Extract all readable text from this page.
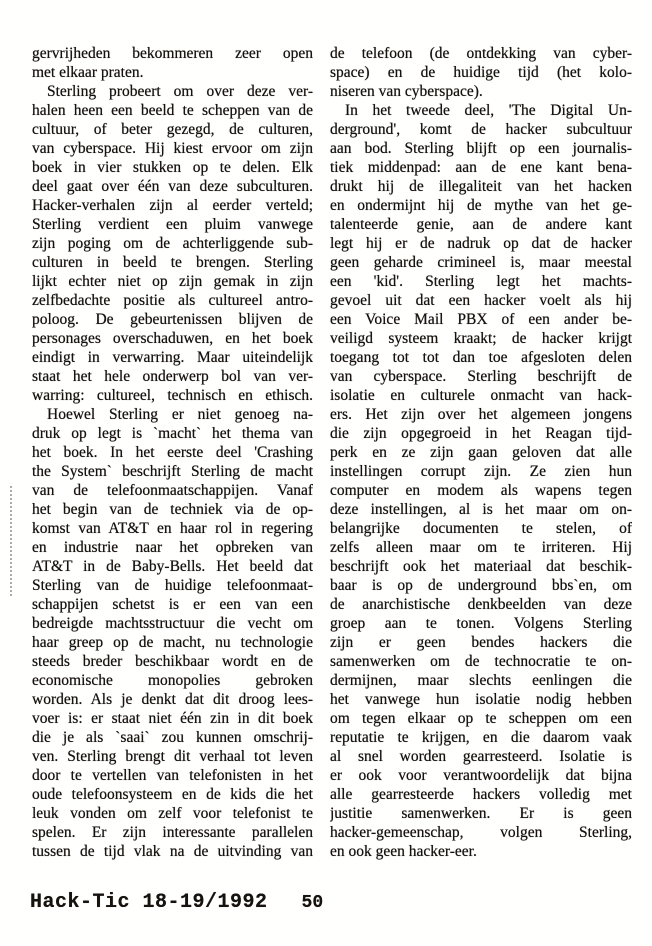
gervrijheden bekommeren zeer open
met elkaar praten.
Sterling probeert om over deze ver-
halen heen een beeld te scheppen van de
cultuur, of beter gezegd, de culturen,
van cyberspace. Hij kiest ervoor om zijn
boek in vier stukken op te delen. Elk
deel gaat over één van deze subculturen.
Hacker-verhalen zijn al eerder verteld;
Sterling verdient een pluim vanwege
zijn poging om de achterliggende sub-
culturen in beeld te brengen. Sterling
lijkt echter niet op zijn gemak in zijn
zelfbedachte positie als cultureel antro-
poloog. De gebeurtenissen blijven de
personages overschaduwen, en het boek
eindigt in verwarring. Maar uiteindelijk
staat het hele onderwerp bol van ver-
warring: cultureel, technisch en ethisch.
Hoewel Sterling er niet genoeg na-
druk op legt is `macht` het thema van
het boek. In het eerste deel 'Crashing
the System` beschrijft Sterling de macht
van de telefoonmaatschappijen. Vanaf
het begin van de techniek via de op-
komst van AT&T en haar rol in regering
en industrie naar het opbreken van
AT&T in de Baby-Bells. Het beeld dat
Sterling van de huidige telefoonmaat-
schappijen schetst is er een van een
bedreigde machtsstructuur die vecht om
haar greep op de macht, nu technologie
steeds breder beschikbaar wordt en de
economische monopolies gebroken
worden. Als je denkt dat dit droog lees-
voer is: er staat niet één zin in dit boek
die je als `saai` zou kunnen omschrij-
ven. Sterling brengt dit verhaal tot leven
door te vertellen van telefonisten in het
oude telefoonsysteem en de kids die het
leuk vonden om zelf voor telefonist te
spelen. Er zijn interessante parallelen
tussen de tijd vlak na de uitvinding van
de telefoon (de ontdekking van cyber-
space) en de huidige tijd (het kolo-
niseren van cyberspace).
In het tweede deel, 'The Digital Un-
derground', komt de hacker subcultuur
aan bod. Sterling blijft op een journalis-
tiek middenpad: aan de ene kant bena-
drukt hij de illegaliteit van het hacken
en ondermijnt hij de mythe van het ge-
talenteerde genie, aan de andere kant
legt hij er de nadruk op dat de hacker
geen geharde crimineel is, maar meestal
een 'kid'. Sterling legt het machts-
gevoel uit dat een hacker voelt als hij
een Voice Mail PBX of een ander be-
veiligd systeem kraakt; de hacker krijgt
toegang tot tot dan toe afgesloten delen
van cyberspace. Sterling beschrijft de
isolatie en culturele onmacht van hack-
ers. Het zijn over het algemeen jongens
die zijn opgegroeid in het Reagan tijd-
perk en ze zijn gaan geloven dat alle
instellingen corrupt zijn. Ze zien hun
computer en modem als wapens tegen
deze instellingen, al is het maar om on-
belangrijke documenten te stelen, of
zelfs alleen maar om te irriteren. Hij
beschrijft ook het materiaal dat beschik-
baar is op de underground bbs`en, om
de anarchistische denkbeelden van deze
groep aan te tonen. Volgens Sterling
zijn er geen bendes hackers die
samenwerken om de technocratie te on-
dermijnen, maar slechts eenlingen die
het vanwege hun isolatie nodig hebben
om tegen elkaar op te scheppen om een
reputatie te krijgen, en die daarom vaak
al snel worden gearresteerd. Isolatie is
er ook voor verantwoordelijk dat bijna
alle gearresteerde hackers volledig met
justitie samenwerken. Er is geen
hacker-gemeenschap, volgen Sterling,
en ook geen hacker-eer.
Hack-Tic 18-19/1992 50
